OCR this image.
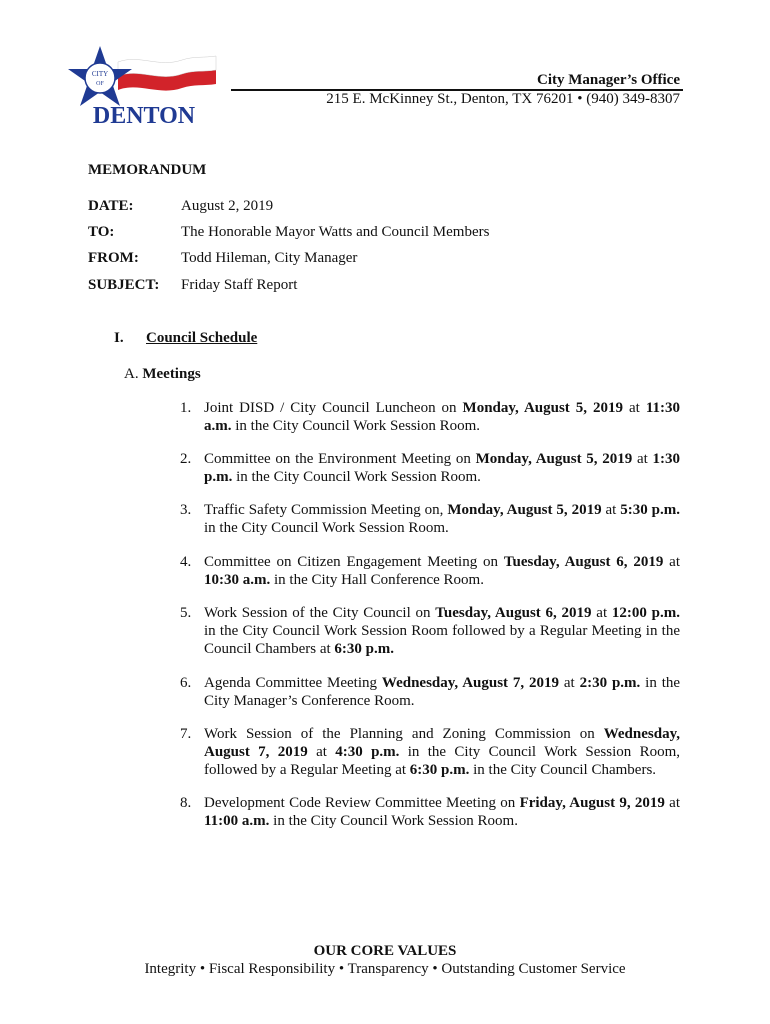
CITY
OF
DENTON
City Manager’s Office
215 E. McKinney St., Denton, TX 76201 • (940) 349-8307
MEMORANDUM
DATE:	August 2, 2019
TO:	The Honorable Mayor Watts and Council Members
FROM:	Todd Hileman, City Manager
SUBJECT: Friday Staff Report
I. Council Schedule
A. Meetings
1. Joint DISD / City Council Luncheon on Monday, August 5, 2019 at 11:30 a.m. in the City Council Work Session Room.
2. Committee on the Environment Meeting on Monday, August 5, 2019 at 1:30 p.m. in the City Council Work Session Room.
3. Traffic Safety Commission Meeting on, Monday, August 5, 2019 at 5:30 p.m. in the City Council Work Session Room.
4. Committee on Citizen Engagement Meeting on Tuesday, August 6, 2019 at 10:30 a.m. in the City Hall Conference Room.
5. Work Session of the City Council on Tuesday, August 6, 2019 at 12:00 p.m. in the City Council Work Session Room followed by a Regular Meeting in the Council Chambers at 6:30 p.m.
6. Agenda Committee Meeting Wednesday, August 7, 2019 at 2:30 p.m. in the City Manager’s Conference Room.
7. Work Session of the Planning and Zoning Commission on Wednesday, August 7, 2019 at 4:30 p.m. in the City Council Work Session Room, followed by a Regular Meeting at 6:30 p.m. in the City Council Chambers.
8. Development Code Review Committee Meeting on Friday, August 9, 2019 at 11:00 a.m. in the City Council Work Session Room.
OUR CORE VALUES
Integrity • Fiscal Responsibility • Transparency • Outstanding Customer Service
